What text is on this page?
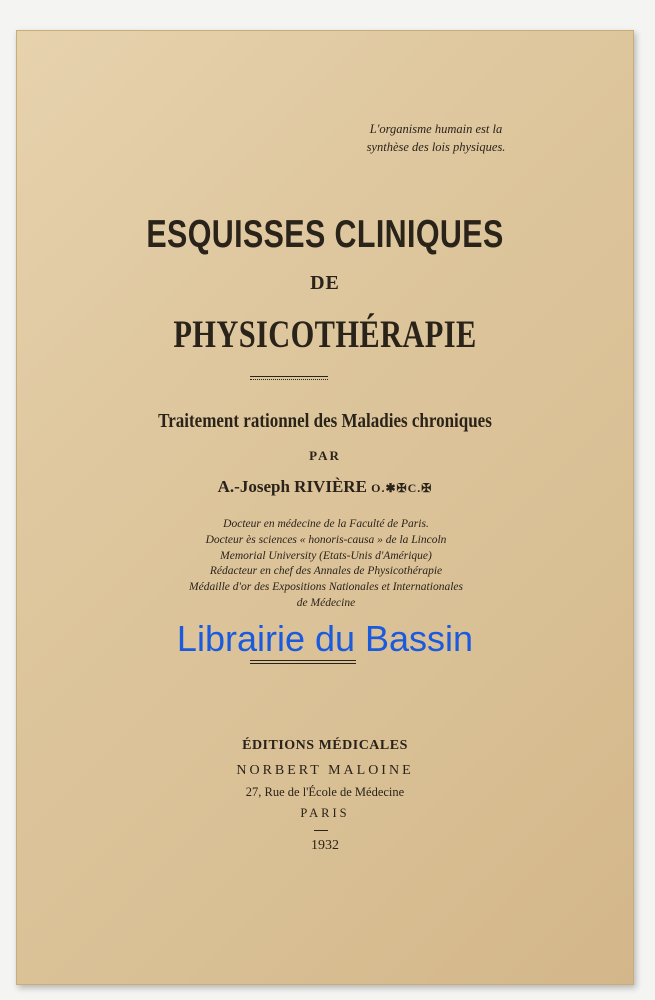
L'organisme humain est la
synthèse des lois physiques.
ESQUISSES CLINIQUES
DE
PHYSICOTHÉRAPIE
Traitement rationnel des Maladies chroniques
PAR
A.-Joseph RIVIÈRE O.✱✠C.✠
Docteur en médecine de la Faculté de Paris.
Docteur ès sciences « honoris-causa » de la Lincoln
Memorial University (Etats-Unis d'Amérique)
Rédacteur en chef des Annales de Physicothérapie
Médaille d'or des Expositions Nationales et Internationales
de Médecine
Librairie du Bassin
ÉDITIONS MÉDICALES
NORBERT MALOINE
27, Rue de l'École de Médecine
PARIS
1932
